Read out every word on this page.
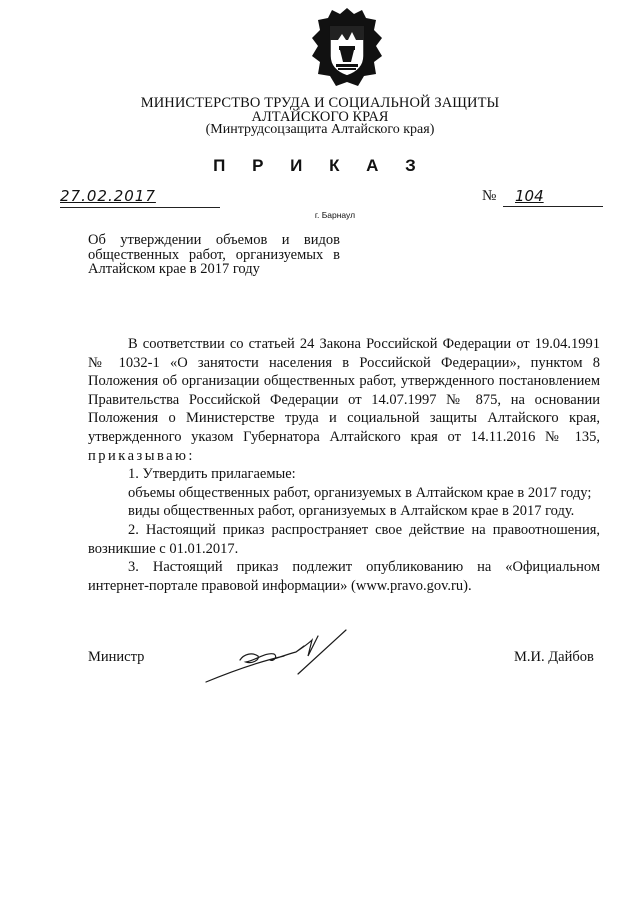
МИНИСТЕРСТВО ТРУДА И СОЦИАЛЬНОЙ ЗАЩИТЫ
АЛТАЙСКОГО КРАЯ
(Минтрудсоцзащита Алтайского края)
П Р И К А З
27.02.2017	№	104
г. Барнаул
Об утверждении объемов и видов
общественных работ, организуемых в
Алтайском крае в 2017 году

В соответствии со статьей 24 Закона Российской Федерации от 19.04.1991 № 1032-1 «О занятости населения в Российской Федерации», пунктом 8 Положения об организации общественных работ, утвержденного постановлением Правительства Российской Федерации от 14.07.1997 № 875, на основании Положения о Министерстве труда и социальной защиты Алтайского края, утвержденного указом Губернатора Алтайского края от 14.11.2016 № 135, приказываю:

1. Утвердить прилагаемые:

объемы общественных работ, организуемых в Алтайском крае в 2017 году;

виды общественных работ, организуемых в Алтайском крае в 2017 году.

2. Настоящий приказ распространяет свое действие на правоотношения, возникшие с 01.01.2017.

3. Настоящий приказ подлежит опубликованию на «Официальном интернет-портале правовой информации» (www.pravo.gov.ru).

Министр	М.И. Дайбов
